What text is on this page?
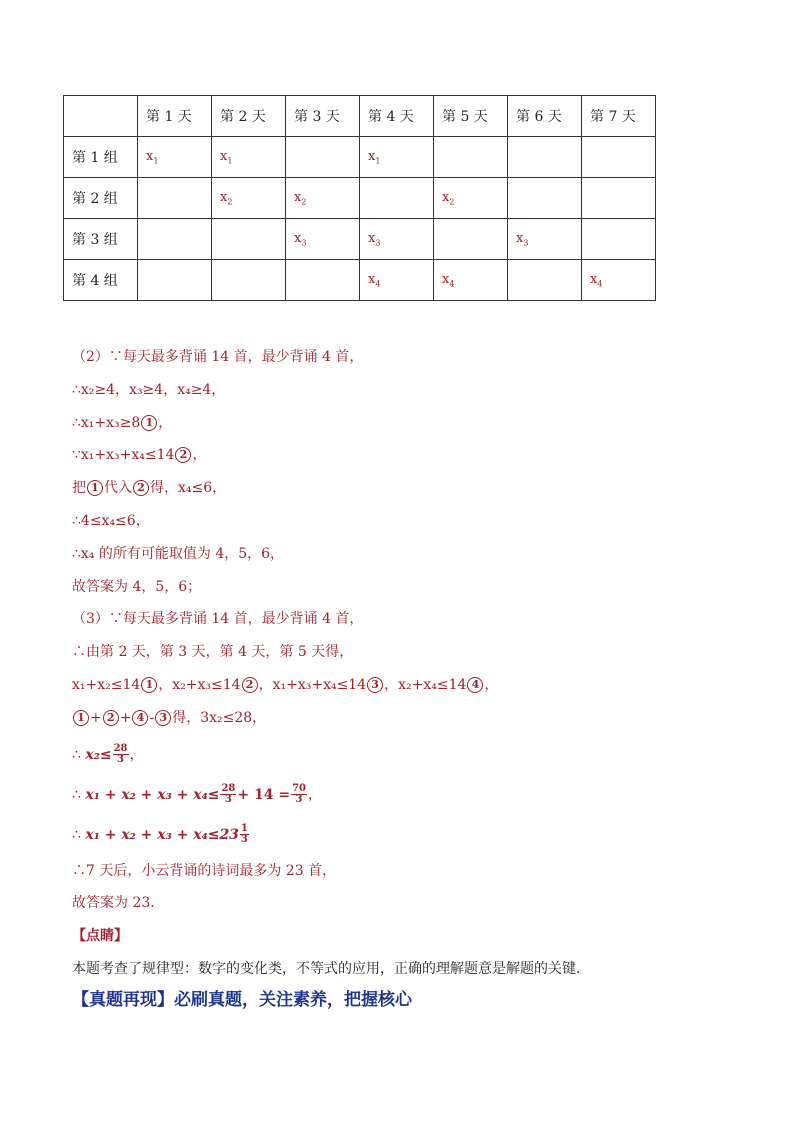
	第 1 天	第 2 天	第 3 天	第 4 天	第 5 天	第 6 天	第 7 天
第 1 组	$x_1$	$x_1$		$x_1$			
第 2 组		$x_2$	$x_2$		$x_2$		
第 3 组			$x_3$	$x_3$		$x_3$	
第 4 组				$x_4$	$x_4$		$x_4$
（2）∵每天最多背诵 14 首，最少背诵 4 首，
∴x₂≥4，x₃≥4，x₄≥4，
∴x₁+x₃≥8 1 ，
∵x₁+x₃+x₄≤14 2 ，
把 1 代入 2 得，x₄≤6，
∴4≤x₄≤6，
∴x₄ 的所有可能取值为 4，5，6，
故答案为 4，5，6；
（3）∵每天最多背诵 14 首，最少背诵 4 首，
∴由第 2 天，第 3 天，第 4 天，第 5 天得，
x₁+x₂≤14 1 ，x₂+x₃≤14 2 ，x₁+x₃+x₄≤14 3 ，x₂+x₄≤14 4 ，
1 + 2 + 4 - 3 得，3x₂≤28，
∴ $x_2\le \frac{28}{3}$ ，
∴ $x_1 + x_2 + x_3 + x_4\le \frac{28}{3} + 14 = \frac{70}{3}$ ，
∴ $x_1 + x_2 + x_3 + x_4\le 23 \frac{1}{3}$
∴7 天后，小云背诵的诗词最多为 23 首，
故答案为 23．
【点睛】
本题考查了规律型：数字的变化类，不等式的应用，正确的理解题意是解题的关键．
【真题再现】必刷真题，关注素养，把握核心
